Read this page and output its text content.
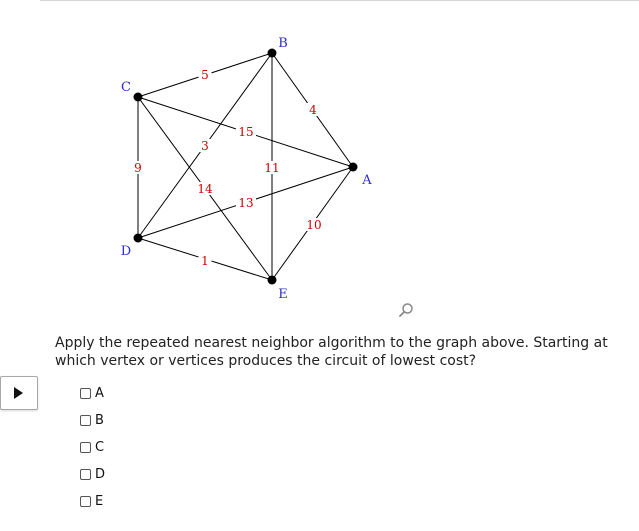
5
4
3
11
15
9
14
13
1
10
A
B
C
D
E
Apply the repeated nearest neighbor algorithm to the graph above. Starting at which vertex or vertices produces the circuit of lowest cost?
A
B
C
D
E
